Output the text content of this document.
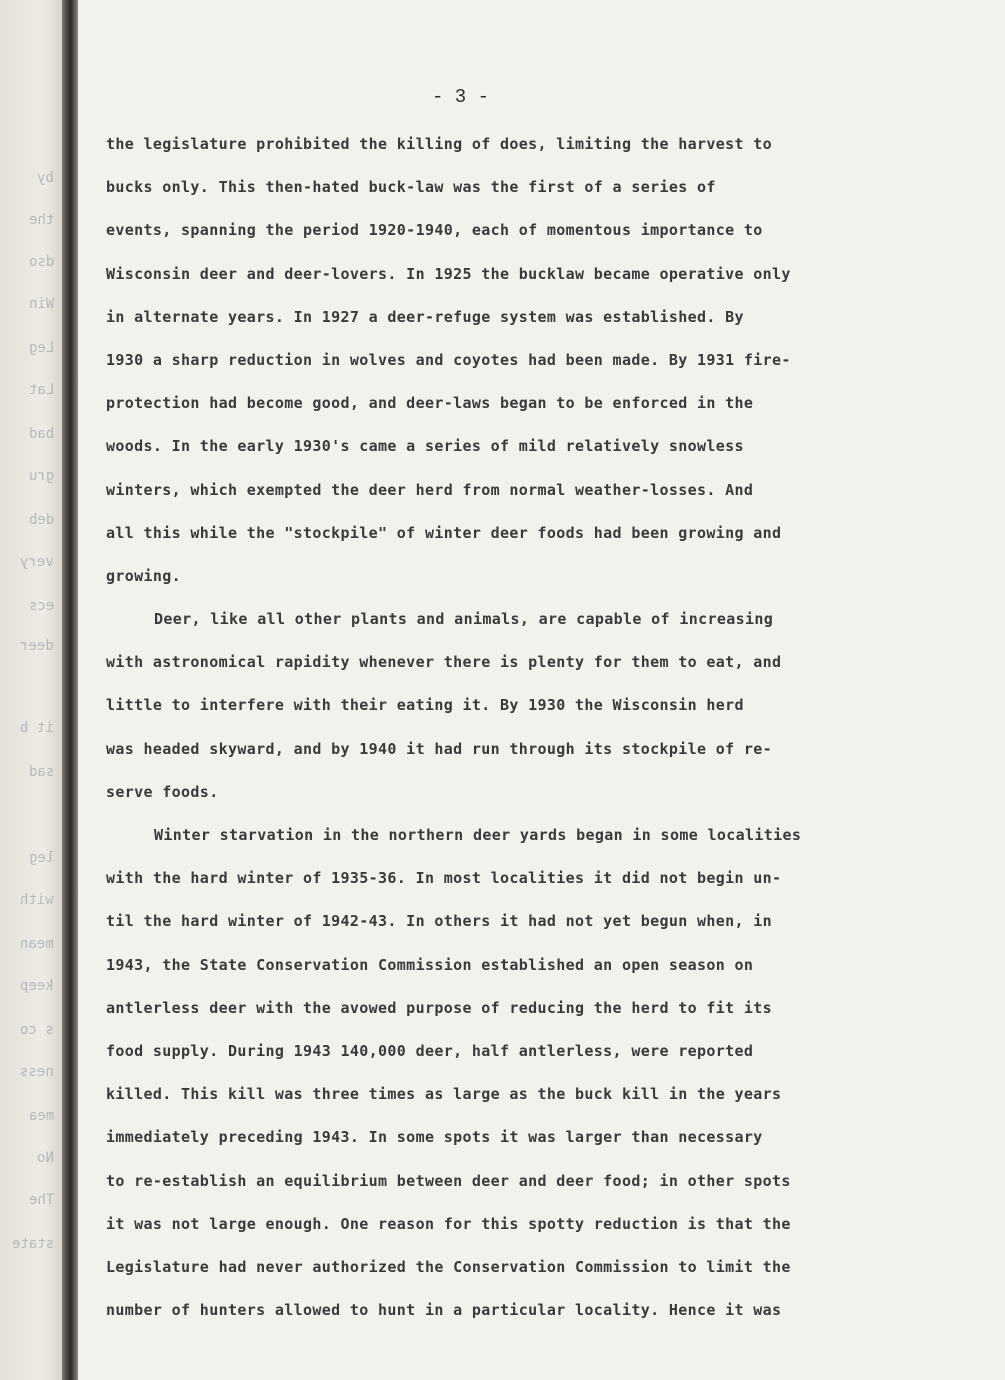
by
the
dso
Win
Leg
Lat
bad
gru
deb
very
ecs
deer
it b
sad
leg
with
mean
keep
s co
ness
mea
No
The
state
- 3 -
the legislature prohibited the killing of does, limiting the harvest to
bucks only. This then-hated buck-law was the first of a series of
events, spanning the period 1920-1940, each of momentous importance to
Wisconsin deer and deer-lovers. In 1925 the bucklaw became operative only
in alternate years. In 1927 a deer-refuge system was established. By
1930 a sharp reduction in wolves and coyotes had been made. By 1931 fire-
protection had become good, and deer-laws began to be enforced in the
woods. In the early 1930's came a series of mild relatively snowless
winters, which exempted the deer herd from normal weather-losses. And
all this while the "stockpile" of winter deer foods had been growing and
growing.
Deer, like all other plants and animals, are capable of increasing
with astronomical rapidity whenever there is plenty for them to eat, and
little to interfere with their eating it. By 1930 the Wisconsin herd
was headed skyward, and by 1940 it had run through its stockpile of re-
serve foods.
Winter starvation in the northern deer yards began in some localities
with the hard winter of 1935-36. In most localities it did not begin un-
til the hard winter of 1942-43. In others it had not yet begun when, in
1943, the State Conservation Commission established an open season on
antlerless deer with the avowed purpose of reducing the herd to fit its
food supply. During 1943 140,000 deer, half antlerless, were reported
killed. This kill was three times as large as the buck kill in the years
immediately preceding 1943. In some spots it was larger than necessary
to re-establish an equilibrium between deer and deer food; in other spots
it was not large enough. One reason for this spotty reduction is that the
Legislature had never authorized the Conservation Commission to limit the
number of hunters allowed to hunt in a particular locality. Hence it was
